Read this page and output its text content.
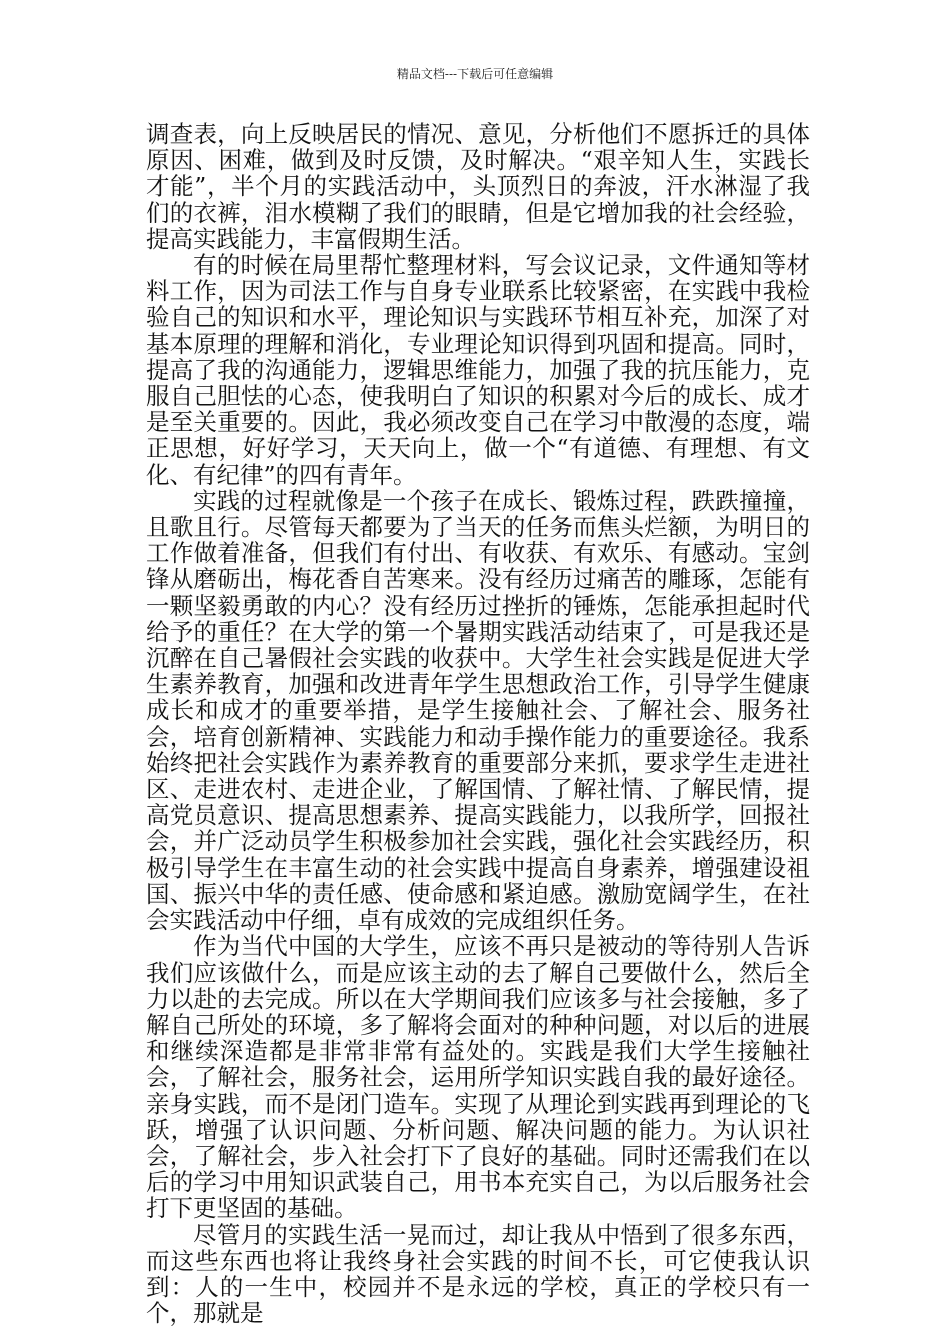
精品文档---下载后可任意编辑

调查表，向上反映居民的情况、意见，分析他们不愿拆迁的具体原因、困难，做到及时反馈，及时解决。“艰辛知人生，实践长才能”，半个月的实践活动中，头顶烈日的奔波，汗水淋湿了我们的衣裤，泪水模糊了我们的眼睛，但是它增加我的社会经验，提高实践能力，丰富假期生活。

有的时候在局里帮忙整理材料，写会议记录，文件通知等材料工作，因为司法工作与自身专业联系比较紧密，在实践中我检验自己的知识和水平，理论知识与实践环节相互补充，加深了对基本原理的理解和消化，专业理论知识得到巩固和提高。同时，提高了我的沟通能力，逻辑思维能力，加强了我的抗压能力，克服自己胆怯的心态，使我明白了知识的积累对今后的成长、成才是至关重要的。因此，我必须改变自己在学习中散漫的态度，端正思想，好好学习，天天向上，做一个“有道德、有理想、有文化、有纪律”的四有青年。

实践的过程就像是一个孩子在成长、锻炼过程，跌跌撞撞，且歌且行。尽管每天都要为了当天的任务而焦头烂额，为明日的工作做着准备，但我们有付出、有收获、有欢乐、有感动。宝剑锋从磨砺出，梅花香自苦寒来。没有经历过痛苦的雕琢，怎能有一颗坚毅勇敢的内心？没有经历过挫折的锤炼，怎能承担起时代给予的重任？在大学的第一个暑期实践活动结束了，可是我还是沉醉在自己暑假社会实践的收获中。大学生社会实践是促进大学生素养教育，加强和改进青年学生思想政治工作，引导学生健康成长和成才的重要举措，是学生接触社会、了解社会、服务社会，培育创新精神、实践能力和动手操作能力的重要途径。我系始终把社会实践作为素养教育的重要部分来抓，要求学生走进社区、走进农村、走进企业，了解国情、了解社情、了解民情，提高党员意识、提高思想素养、提高实践能力，以我所学，回报社会，并广泛动员学生积极参加社会实践，强化社会实践经历，积极引导学生在丰富生动的社会实践中提高自身素养，增强建设祖国、振兴中华的责任感、使命感和紧迫感。激励宽阔学生，在社会实践活动中仔细，卓有成效的完成组织任务。

作为当代中国的大学生，应该不再只是被动的等待别人告诉我们应该做什么，而是应该主动的去了解自己要做什么，然后全力以赴的去完成。所以在大学期间我们应该多与社会接触，多了解自己所处的环境，多了解将会面对的种种问题，对以后的进展和继续深造都是非常非常有益处的。实践是我们大学生接触社会，了解社会，服务社会，运用所学知识实践自我的最好途径。亲身实践，而不是闭门造车。实现了从理论到实践再到理论的飞跃，增强了认识问题、分析问题、解决问题的能力。为认识社会，了解社会，步入社会打下了良好的基础。同时还需我们在以后的学习中用知识武装自己，用书本充实自己，为以后服务社会打下更坚固的基础。

尽管月的实践生活一晃而过，却让我从中悟到了很多东西，而这些东西也将让我终身社会实践的时间不长，可它使我认识到：人的一生中，校园并不是永远的学校，真正的学校只有一个，那就是
